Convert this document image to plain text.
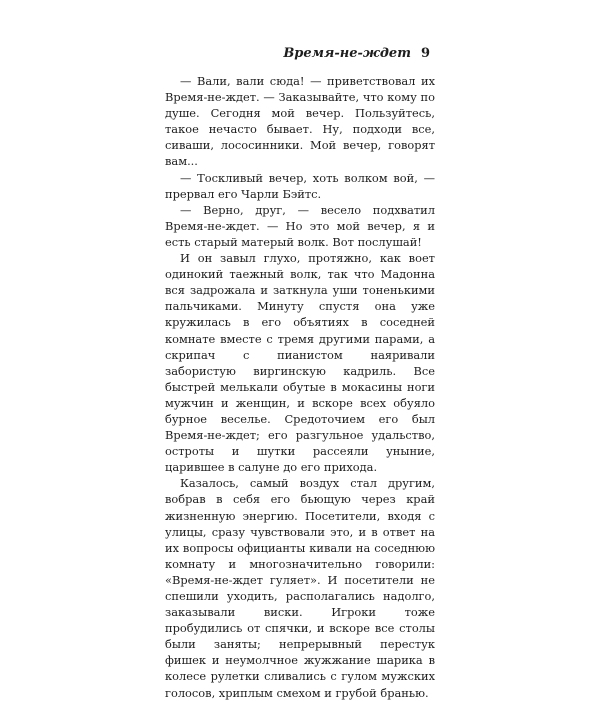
Время-не-ждет 9

— Вали, вали сюда! — приветствовал их Время-не-ждет. — Заказывайте, что кому по душе. Сегодня мой вечер. Пользуйтесь, такое нечасто бывает. Ну, подходи все, сиваши, лососинники. Мой вечер, говорят вам...

— Тоскливый вечер, хоть волком вой, — прервал его Чарли Бэйтс.

— Верно, друг, — весело подхватил Время-не-ждет. — Но это мой вечер, я и есть старый матерый волк. Вот послушай!

И он завыл глухо, протяжно, как воет одинокий таежный волк, так что Мадонна вся задрожала и заткнула уши тоненькими пальчиками. Минуту спустя она уже кружилась в его объятиях в соседней комнате вместе с тремя другими парами, а скрипач с пианистом наяривали забористую виргинскую кадриль. Все быстрей мелькали обутые в мокасины ноги мужчин и женщин, и вскоре всех обуяло бурное веселье. Средоточием его был Время-не-ждет; его разгульное удальство, остроты и шутки рассеяли уныние, царившее в салуне до его прихода.

Казалось, самый воздух стал другим, вобрав в себя его бьющую через край жизненную энергию. Посетители, входя с улицы, сразу чувствовали это, и в ответ на их вопросы официанты кивали на соседнюю комнату и многозначительно говорили: «Время-не-ждет гуляет». И посетители не спешили уходить, располагались надолго, заказывали виски. Игроки тоже пробудились от спячки, и вскоре все столы были заняты; непрерывный перестук фишек и неумолчное жужжание шарика в колесе рулетки сливались с гулом мужских голосов, хриплым смехом и грубой бранью.
